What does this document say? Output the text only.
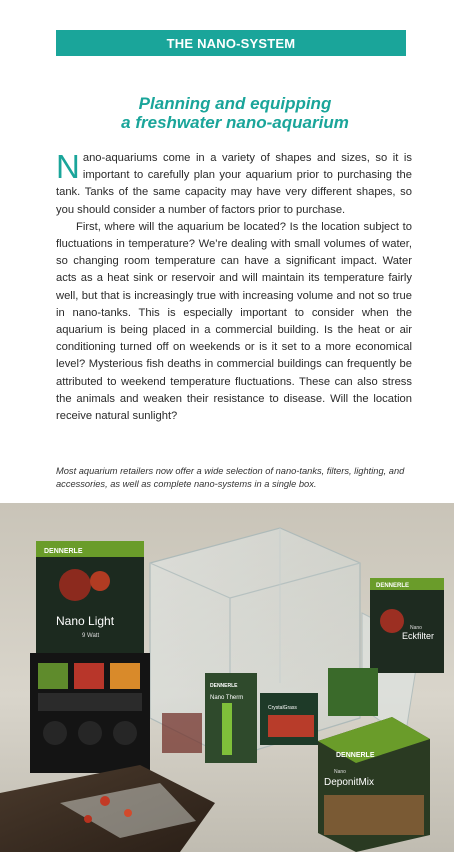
THE NANO-SYSTEM
Planning and equipping
a freshwater nano-aquarium

Nano-aquariums come in a variety of shapes and sizes, so it is important to carefully plan your aquarium prior to purchasing the tank. Tanks of the same capacity may have very different shapes, so you should consider a number of factors prior to purchase.

First, where will the aquarium be located? Is the location subject to fluctuations in temperature? We’re dealing with small volumes of water, so changing room temperature can have a significant impact. Water acts as a heat sink or reservoir and will maintain its temperature fairly well, but that is increasingly true with increasing volume and not so true in nano-tanks. This is especially important to consider when the aquarium is being placed in a commercial building. Is the heat or air conditioning turned off on weekends or is it set to a more economical level? Mysterious fish deaths in commercial buildings can frequently be attributed to weekend temperature fluctuations. These can also stress the animals and weaken their resistance to disease. Will the location receive natural sunlight?

Most aquarium retailers now offer a wide selection of nano-tanks, filters, lighting, and accessories, as well as complete nano-systems in a single box.
DENNERLE
Nano Light
9 Watt
DENNERLE
Nano
Eckfilter
DENNERLE
Nano Therm
CrystalGrass
DENNERLE
Nano
DeponitMix
